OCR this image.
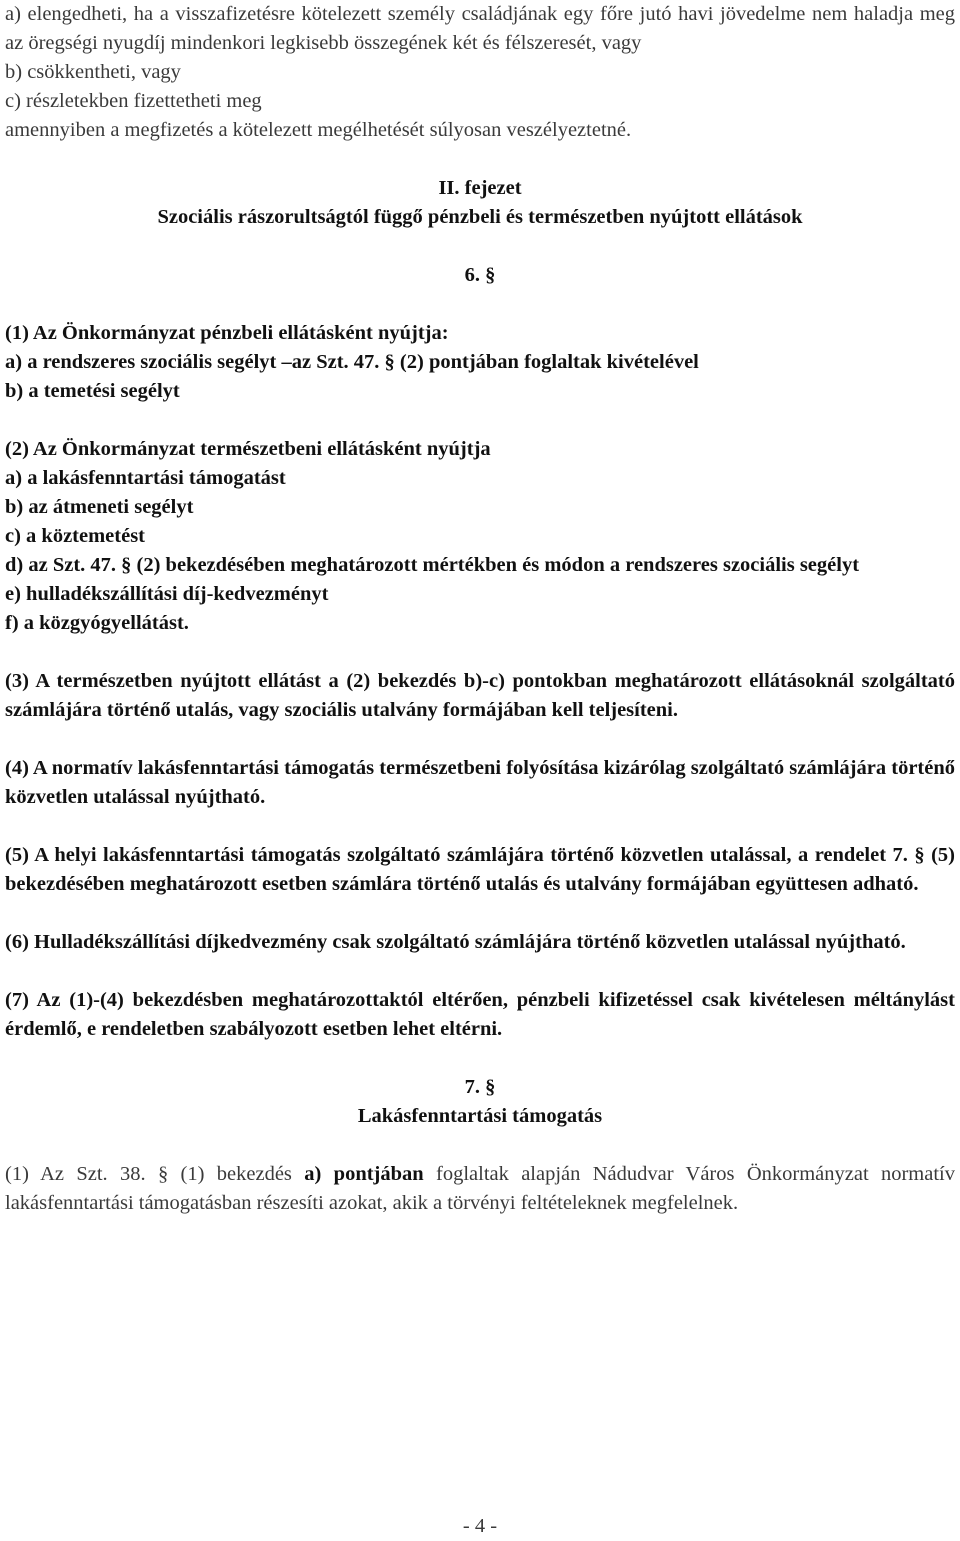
a) elengedheti, ha a visszafizetésre kötelezett személy családjának egy főre jutó havi jövedelme nem haladja meg az öregségi nyugdíj mindenkori legkisebb összegének két és félszeresét, vagy

b) csökkentheti, vagy

c) részletekben fizettetheti meg

amennyiben a megfizetés a kötelezett megélhetését súlyosan veszélyeztetné.

II. fejezet

Szociális rászorultságtól függő pénzbeli és természetben nyújtott ellátások

6. §

(1) Az Önkormányzat pénzbeli ellátásként nyújtja:

a) a rendszeres szociális segélyt –az Szt. 47. § (2) pontjában foglaltak kivételével

b) a temetési segélyt

(2) Az Önkormányzat természetbeni ellátásként nyújtja

a) a lakásfenntartási támogatást

b) az átmeneti segélyt

c) a köztemetést

d) az Szt. 47. § (2) bekezdésében meghatározott mértékben és módon a rendszeres szociális segélyt

e) hulladékszállítási díj-kedvezményt

f) a közgyógyellátást.

(3) A természetben nyújtott ellátást a (2) bekezdés b)-c) pontokban meghatározott ellátásoknál szolgáltató számlájára történő utalás, vagy szociális utalvány formájában kell teljesíteni.

(4) A normatív lakásfenntartási támogatás természetbeni folyósítása kizárólag szolgáltató számlájára történő közvetlen utalással nyújtható.

(5) A helyi lakásfenntartási támogatás szolgáltató számlájára történő közvetlen utalással, a rendelet 7. § (5) bekezdésében meghatározott esetben számlára történő utalás és utalvány formájában együttesen adható.

(6) Hulladékszállítási díjkedvezmény csak szolgáltató számlájára történő közvetlen utalással nyújtható.

(7) Az (1)-(4) bekezdésben meghatározottaktól eltérően, pénzbeli kifizetéssel csak kivételesen méltánylást érdemlő, e rendeletben szabályozott esetben lehet eltérni.

7. §

Lakásfenntartási támogatás

(1) Az Szt. 38. § (1) bekezdés a) pontjában foglaltak alapján Nádudvar Város Önkormányzat normatív lakásfenntartási támogatásban részesíti azokat, akik a törvényi feltételeknek megfelelnek.

- 4 -
